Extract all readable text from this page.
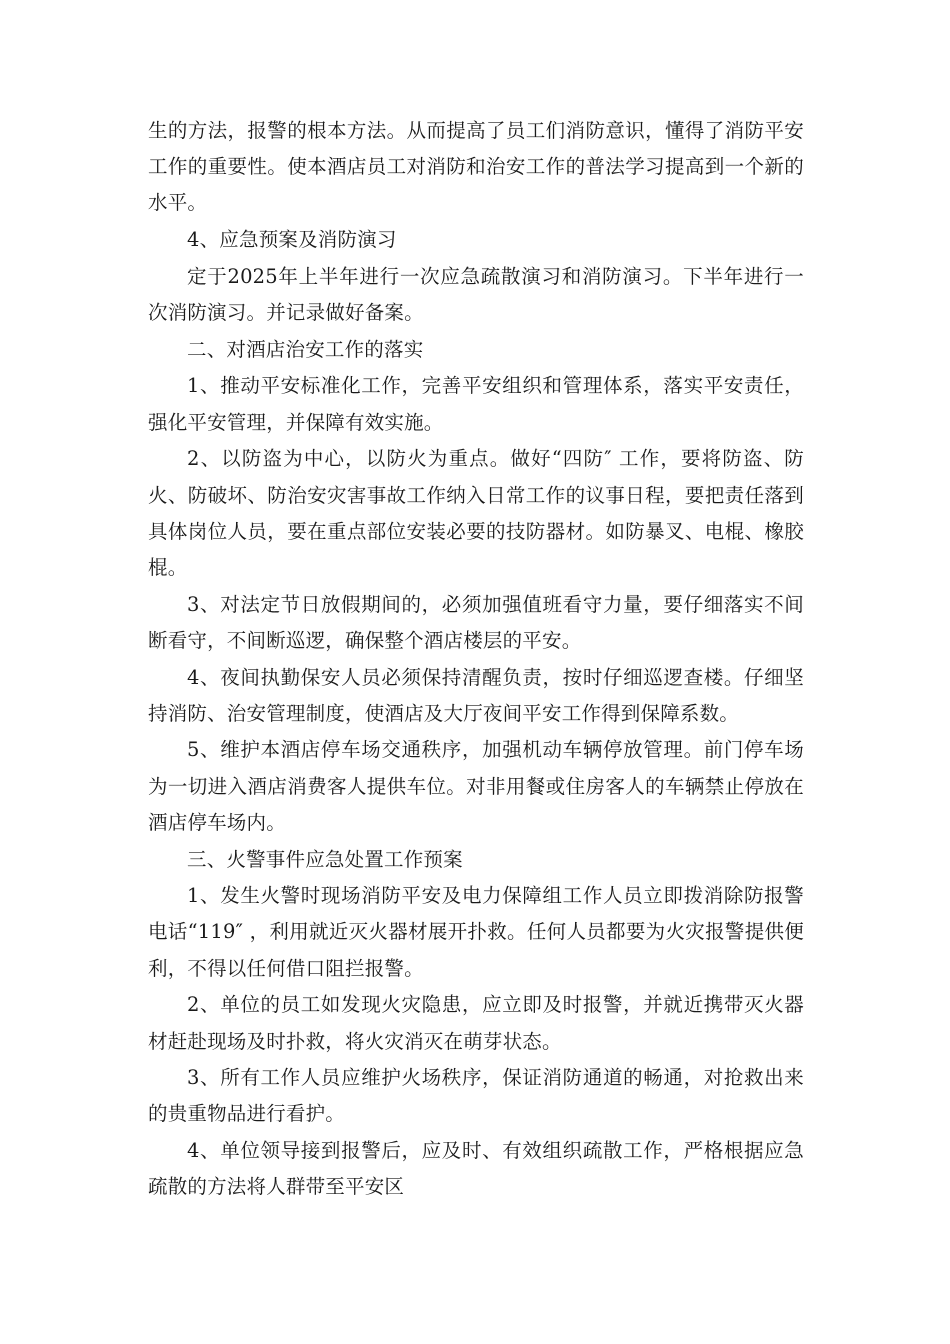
生的方法，报警的根本方法。从而提高了员工们消防意识，懂得了消防平安工作的重要性。使本酒店员工对消防和治安工作的普法学习提高到一个新的水平。

4、应急预案及消防演习

定于2025年上半年进行一次应急疏散演习和消防演习。下半年进行一次消防演习。并记录做好备案。

二、对酒店治安工作的落实

1、推动平安标准化工作，完善平安组织和管理体系，落实平安责任，强化平安管理，并保障有效实施。

2、以防盗为中心，以防火为重点。做好“四防″ 工作，要将防盗、防火、防破坏、防治安灾害事故工作纳入日常工作的议事日程，要把责任落到具体岗位人员，要在重点部位安装必要的技防器材。如防暴叉、电棍、橡胶棍。

3、对法定节日放假期间的，必须加强值班看守力量，要仔细落实不间断看守，不间断巡逻，确保整个酒店楼层的平安。

4、夜间执勤保安人员必须保持清醒负责，按时仔细巡逻查楼。仔细坚持消防、治安管理制度，使酒店及大厅夜间平安工作得到保障系数。

5、维护本酒店停车场交通秩序，加强机动车辆停放管理。前门停车场为一切进入酒店消费客人提供车位。对非用餐或住房客人的车辆禁止停放在酒店停车场内。

三、火警事件应急处置工作预案

1、发生火警时现场消防平安及电力保障组工作人员立即拨消除防报警电话“119″ ，利用就近灭火器材展开扑救。任何人员都要为火灾报警提供便利，不得以任何借口阻拦报警。

2、单位的员工如发现火灾隐患，应立即及时报警，并就近携带灭火器材赶赴现场及时扑救，将火灾消灭在萌芽状态。

3、所有工作人员应维护火场秩序，保证消防通道的畅通，对抢救出来的贵重物品进行看护。

4、单位领导接到报警后，应及时、有效组织疏散工作，严格根据应急疏散的方法将人群带至平安区
